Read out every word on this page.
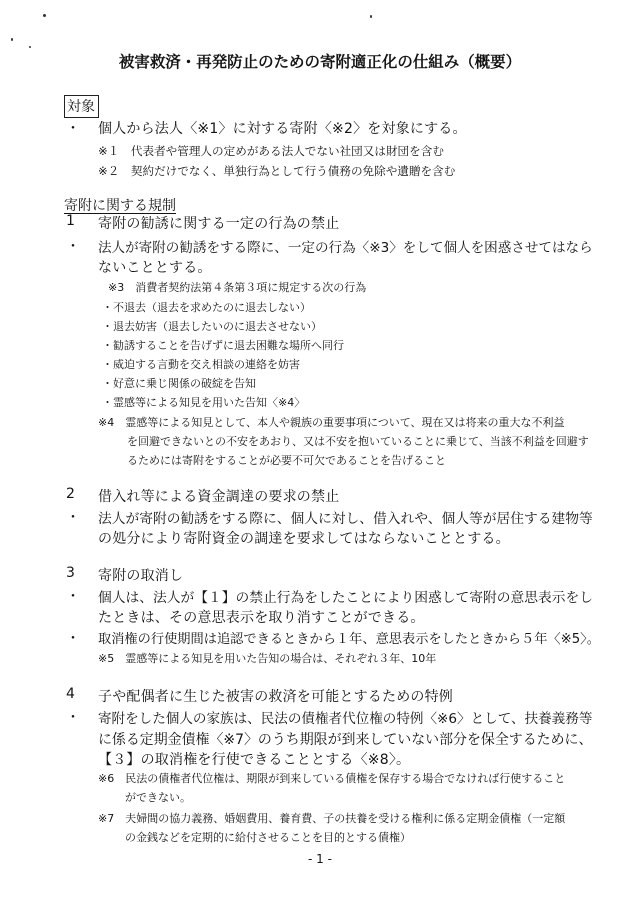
被害救済・再発防止のための寄附適正化の仕組み（概要）
対象
・ 個人から法人〈※1〉に対する寄附〈※2〉を対象にする。
※１　代表者や管理人の定めがある法人でない社団又は財団を含む
※２　契約だけでなく、単独行為として行う債務の免除や遺贈を含む
寄附に関する規制
1 寄附の勧誘に関する一定の行為の禁止
・ 法人が寄附の勧誘をする際に、一定の行為〈※3〉をして個人を困惑させてはなら
ないこととする。
※3　消費者契約法第４条第３項に規定する次の行為
・不退去（退去を求めたのに退去しない）
・退去妨害（退去したいのに退去させない）
・勧誘することを告げずに退去困難な場所へ同行
・威迫する言動を交え相談の連絡を妨害
・好意に乗じ関係の破綻を告知
・霊感等による知見を用いた告知〈※4〉
※4　霊感等による知見として、本人や親族の重要事項について、現在又は将来の重大な不利益
を回避できないとの不安をあおり、又は不安を抱いていることに乗じて、当該不利益を回避す
るためには寄附をすることが必要不可欠であることを告げること
2 借入れ等による資金調達の要求の禁止
・ 法人が寄附の勧誘をする際に、個人に対し、借入れや、個人等が居住する建物等
の処分により寄附資金の調達を要求してはならないこととする。
3 寄附の取消し
・ 個人は、法人が【１】の禁止行為をしたことにより困惑して寄附の意思表示をし
たときは、その意思表示を取り消すことができる。
・ 取消権の行使期間は追認できるときから１年、意思表示をしたときから５年〈※5〉。
※5　霊感等による知見を用いた告知の場合は、それぞれ３年、10年
4 子や配偶者に生じた被害の救済を可能とするための特例
・ 寄附をした個人の家族は、民法の債権者代位権の特例〈※6〉として、扶養義務等
に係る定期金債権〈※7〉のうち期限が到来していない部分を保全するために、
【３】の取消権を行使できることとする〈※8〉。
※6　民法の債権者代位権は、期限が到来している債権を保存する場合でなければ行使すること
ができない。
※7　夫婦間の協力義務、婚姻費用、養育費、子の扶養を受ける権利に係る定期金債権（一定額
の金銭などを定期的に給付させることを目的とする債権）
- 1 -
